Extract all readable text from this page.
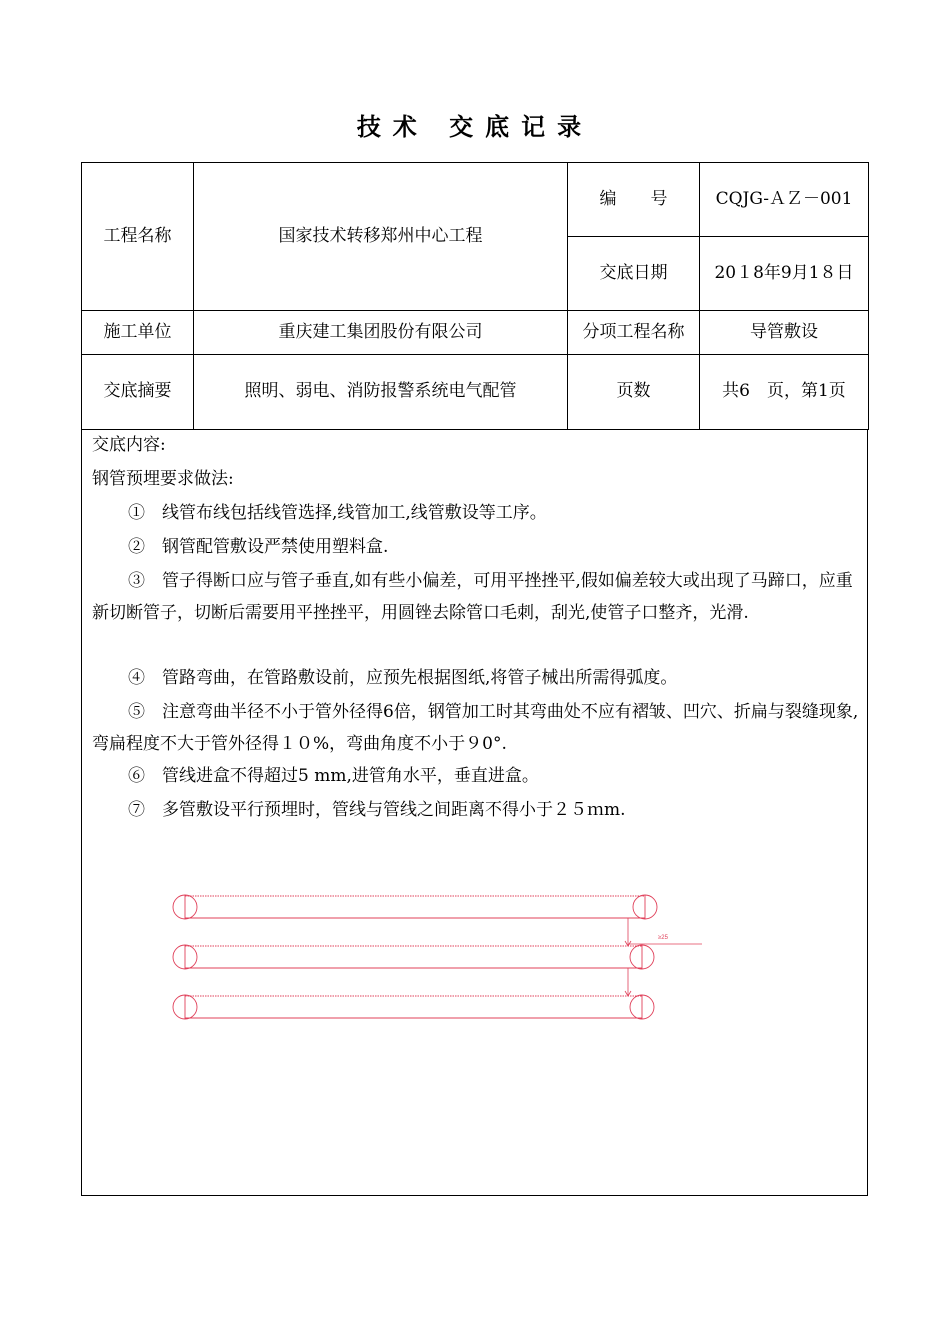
技术 交底记录
工程名称	国家技术转移郑州中心工程	编　　号	CQJG-ＡＺ－001
		交底日期	20１8年9月1８日
施工单位	重庆建工集团股份有限公司	分项工程名称	导管敷设
交底摘要	照明、弱电、消防报警系统电气配管	页数	共6　页，第1页
交底内容:
钢管预埋要求做法:
①　线管布线包括线管选择,线管加工,线管敷设等工序。
②　钢管配管敷设严禁使用塑料盒.
③　管子得断口应与管子垂直,如有些小偏差，可用平挫挫平,假如偏差较大或出现了马蹄口，应重新切断管子，切断后需要用平挫挫平，用圆锉去除管口毛刺，刮光,使管子口整齐，光滑.
④　管路弯曲，在管路敷设前，应预先根据图纸,将管子械出所需得弧度。
⑤　注意弯曲半径不小于管外径得6倍，钢管加工时其弯曲处不应有褶皱、凹穴、折扁与裂缝现象,弯扁程度不大于管外径得１０%，弯曲角度不小于９0°.
⑥　管线进盒不得超过5 mm,进管角水平，垂直进盒。
⑦　多管敷设平行预埋时，管线与管线之间距离不得小于２５ｍm.
≥25
